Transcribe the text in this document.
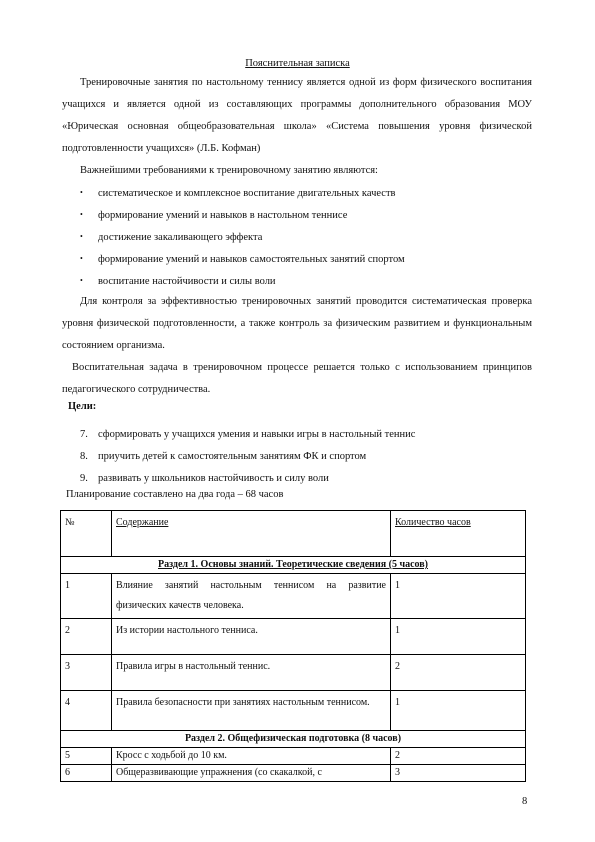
Пояснительная записка
Тренировочные занятия по настольному теннису является одной из форм физического воспитания учащихся и является одной из составляющих программы дополнительного образования МОУ «Юрическая основная общеобразовательная школа» «Система повышения уровня физической подготовленности учащихся» (Л.Б. Кофман)
Важнейшими требованиями к тренировочному занятию являются:
• систематическое и комплексное воспитание двигательных качеств
• формирование умений и навыков в настольном теннисе
• достижение закаливающего эффекта
• формирование умений и навыков самостоятельных занятий спортом
• воспитание настойчивости и силы воли
Для контроля за эффективностью тренировочных занятий проводится систематическая проверка уровня физической подготовленности, а также контроль за физическим развитием и функциональным состоянием организма.
Воспитательная задача в тренировочном процессе решается только с использованием принципов педагогического сотрудничества.
Цели:
7. сформировать у учащихся умения и навыки игры в настольный теннис
8. приучить детей к самостоятельным занятиям ФК и спортом
9. развивать у школьников настойчивость и силу воли
Планирование составлено на два года – 68 часов
№	Содержание	Количество часов
Раздел 1. Основы знаний. Теоретические сведения (5 часов)		
1	Влияние занятий настольным теннисом на развитие физических качеств человека.	1
2	Из истории настольного тенниса.	1
3	Правила игры в настольный теннис.	2
4	Правила безопасности при занятиях настольным теннисом.	1
Раздел 2. Общефизическая подготовка (8 часов)		
5	Кросс с ходьбой до 10 км.	2
6	Общеразвивающие упражнения (со скакалкой, с	3
8
